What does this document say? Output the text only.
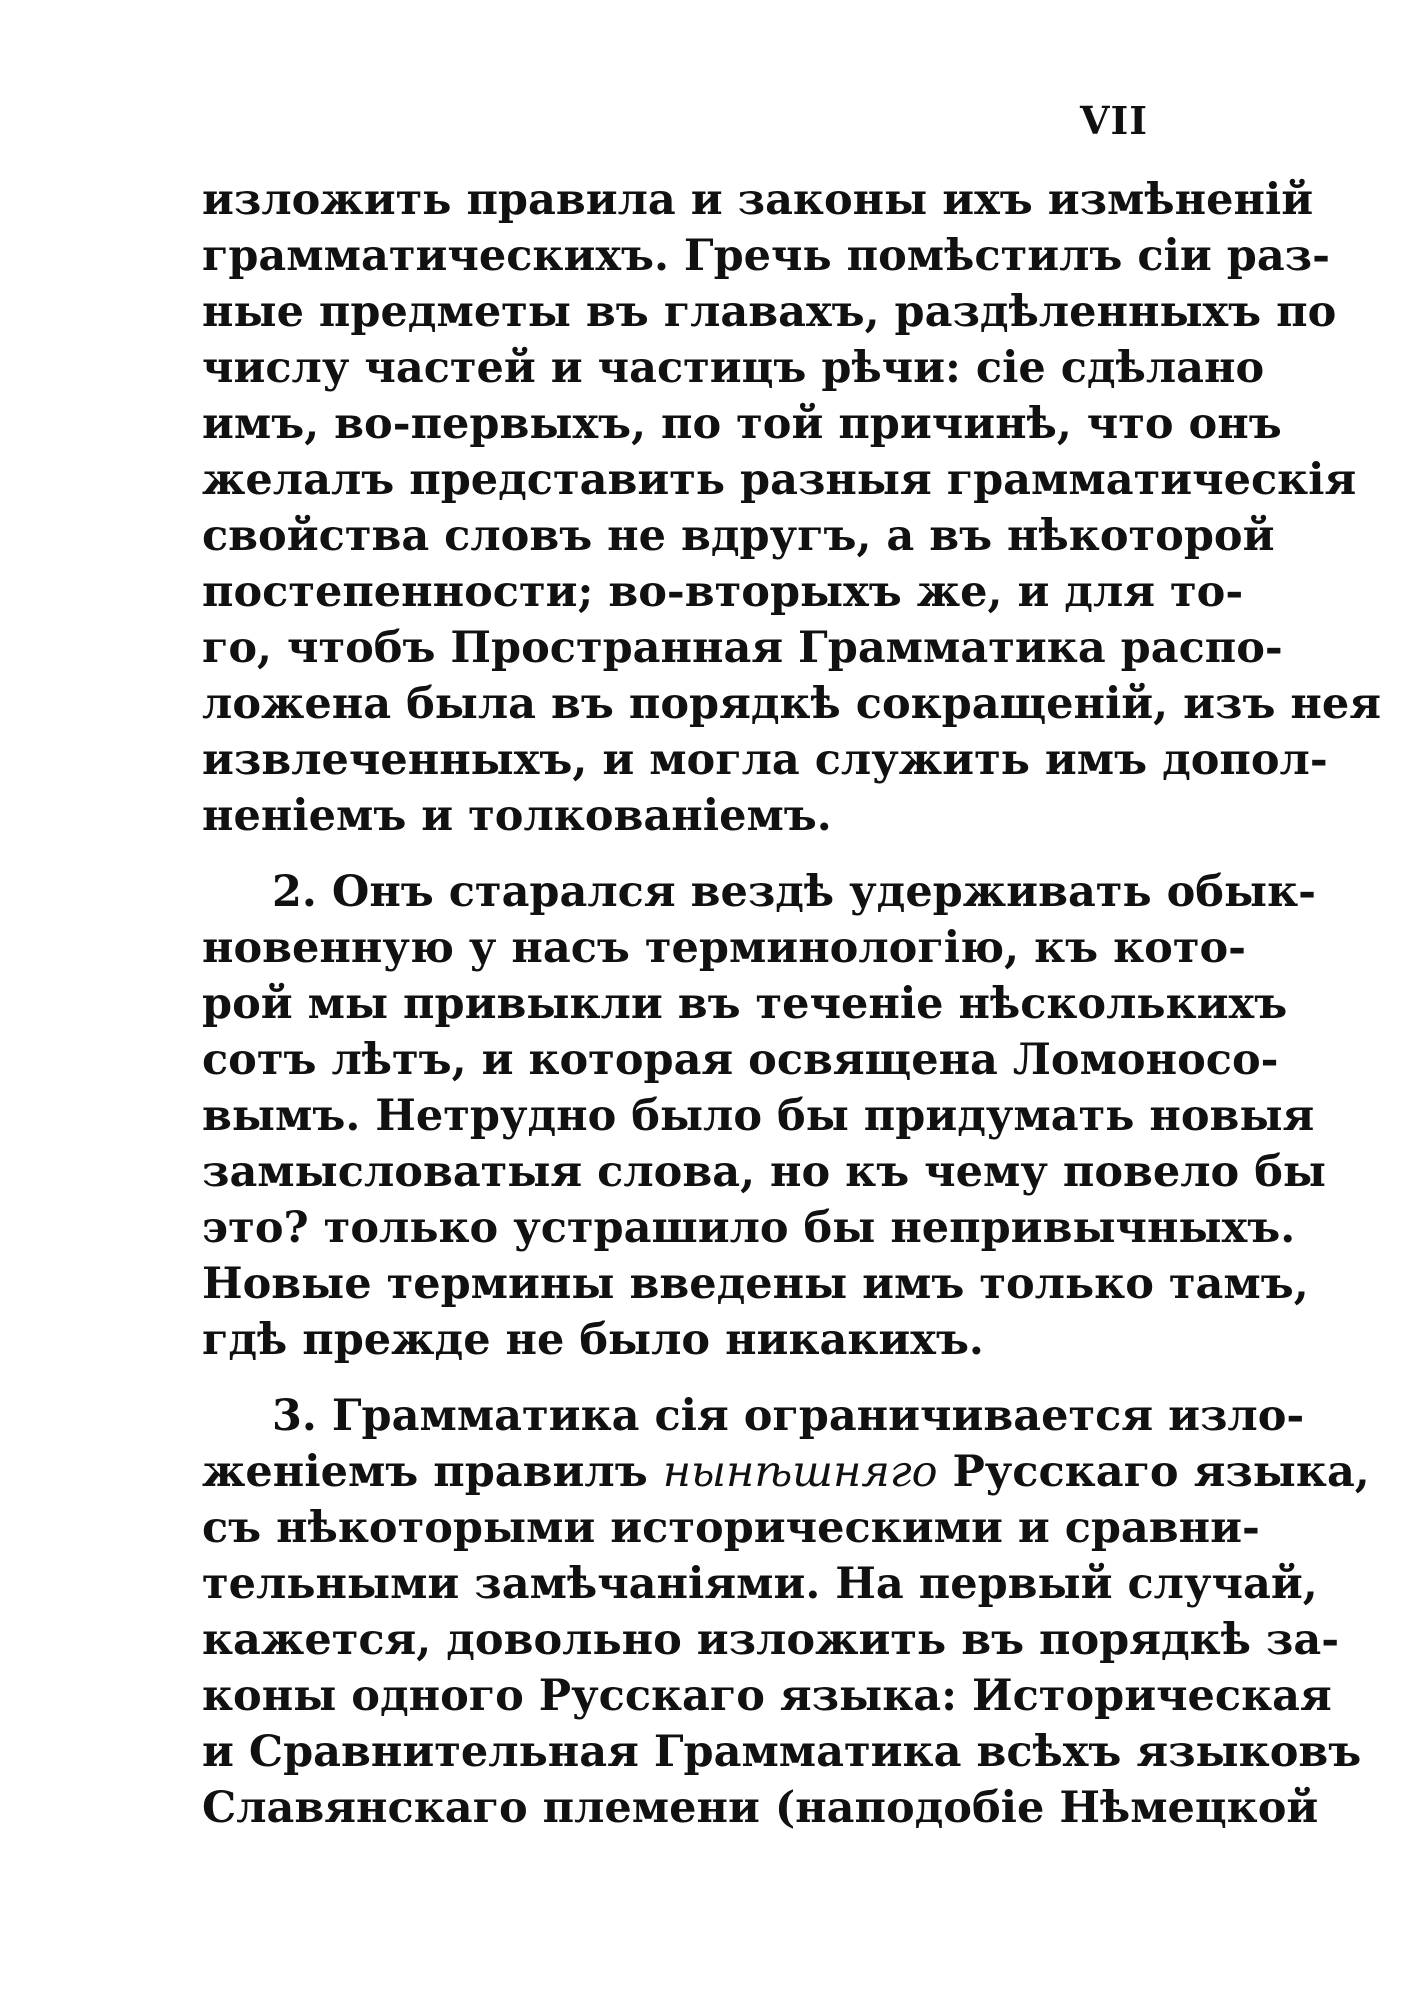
VII
изложить правила и законы ихъ измѣненій
грамматическихъ. Гречь помѣстилъ сіи раз-
ные предметы въ главахъ, раздѣленныхъ по
числу частей и частицъ рѣчи: сіе сдѣлано
имъ, во-первыхъ, по той причинѣ, что онъ
желалъ представить разныя грамматическія
свойства словъ не вдругъ, а въ нѣкоторой
постепенности; во-вторыхъ же, и для то-
го, чтобъ Пространная Грамматика распо-
ложена была въ порядкѣ сокращеній, изъ нея
извлеченныхъ, и могла служить имъ допол-
неніемъ и толкованіемъ.
2. Онъ старался вездѣ удерживать обык-
новенную у насъ терминологію, къ кото-
рой мы привыкли въ теченіе нѣсколькихъ
сотъ лѣтъ, и которая освящена Ломоносо-
вымъ. Нетрудно было бы придумать новыя
замысловатыя слова, но къ чему повело бы
это? только устрашило бы непривычныхъ.
Новые термины введены имъ только тамъ,
гдѣ прежде не было никакихъ.
3. Грамматика сія ограничивается изло-
женіемъ правилъ нынѣшняго Русскаго языка,
съ нѣкоторыми историческими и сравни-
тельными замѣчаніями. На первый случай,
кажется, довольно изложить въ порядкѣ за-
коны одного Русскаго языка: Историческая
и Сравнительная Грамматика всѣхъ языковъ
Славянскаго племени (наподобіе Нѣмецкой
